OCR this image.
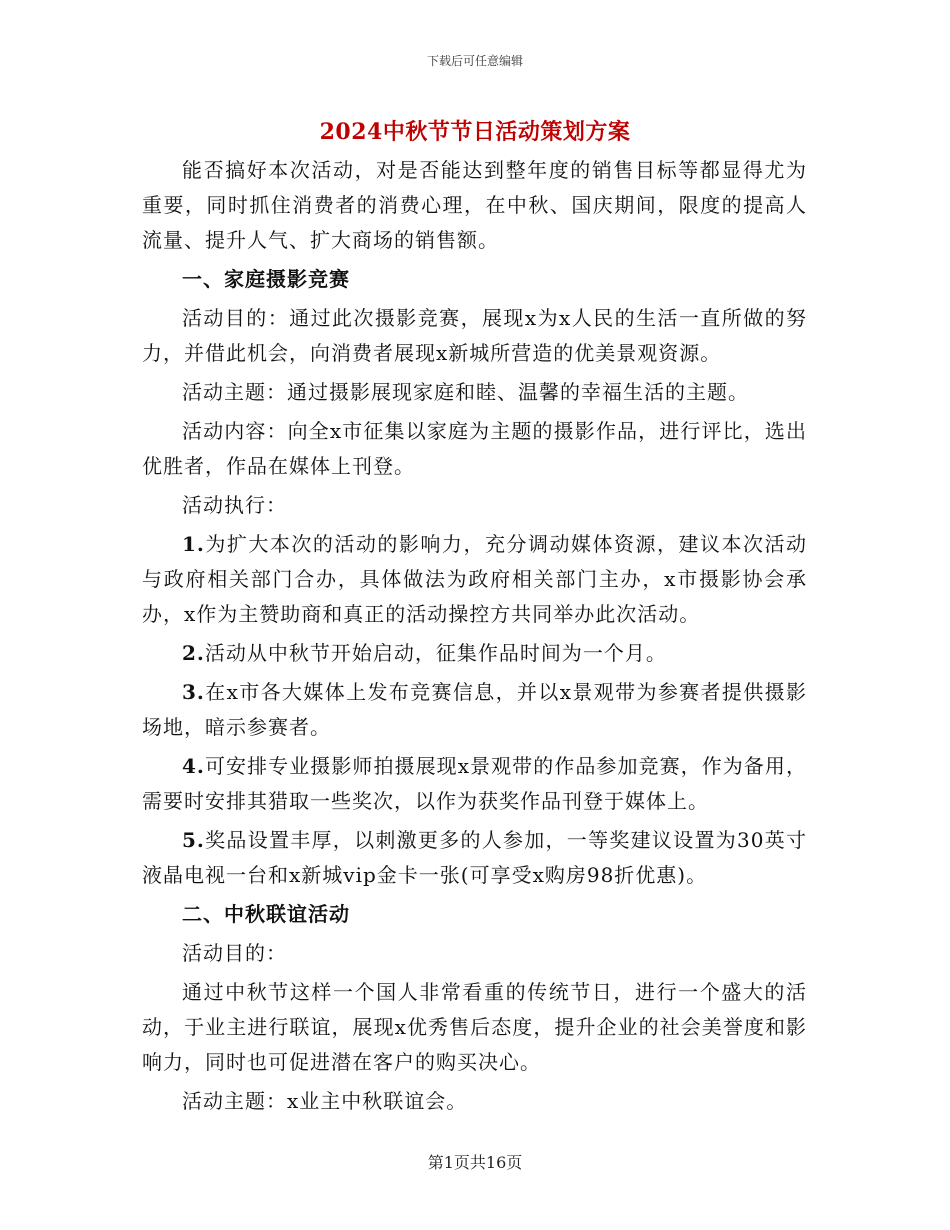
下载后可任意编辑
2024中秋节节日活动策划方案

能否搞好本次活动，对是否能达到整年度的销售目标等都显得尤为重要，同时抓住消费者的消费心理，在中秋、国庆期间，限度的提高人流量、提升人气、扩大商场的销售额。

一、家庭摄影竞赛

活动目的：通过此次摄影竞赛，展现x为x人民的生活一直所做的努力，并借此机会，向消费者展现x新城所营造的优美景观资源。

活动主题：通过摄影展现家庭和睦、温馨的幸福生活的主题。

活动内容：向全x市征集以家庭为主题的摄影作品，进行评比，选出优胜者，作品在媒体上刊登。

活动执行：

1.为扩大本次的活动的影响力，充分调动媒体资源，建议本次活动与政府相关部门合办，具体做法为政府相关部门主办，x市摄影协会承办，x作为主赞助商和真正的活动操控方共同举办此次活动。

2.活动从中秋节开始启动，征集作品时间为一个月。

3.在x市各大媒体上发布竞赛信息，并以x景观带为参赛者提供摄影场地，暗示参赛者。

4.可安排专业摄影师拍摄展现x景观带的作品参加竞赛，作为备用，需要时安排其猎取一些奖次，以作为获奖作品刊登于媒体上。

5.奖品设置丰厚，以刺激更多的人参加，一等奖建议设置为30英寸液晶电视一台和x新城vip金卡一张(可享受x购房98折优惠)。

二、中秋联谊活动

活动目的：

通过中秋节这样一个国人非常看重的传统节日，进行一个盛大的活动，于业主进行联谊，展现x优秀售后态度，提升企业的社会美誉度和影响力，同时也可促进潜在客户的购买决心。

活动主题：x业主中秋联谊会。

第1页共16页
